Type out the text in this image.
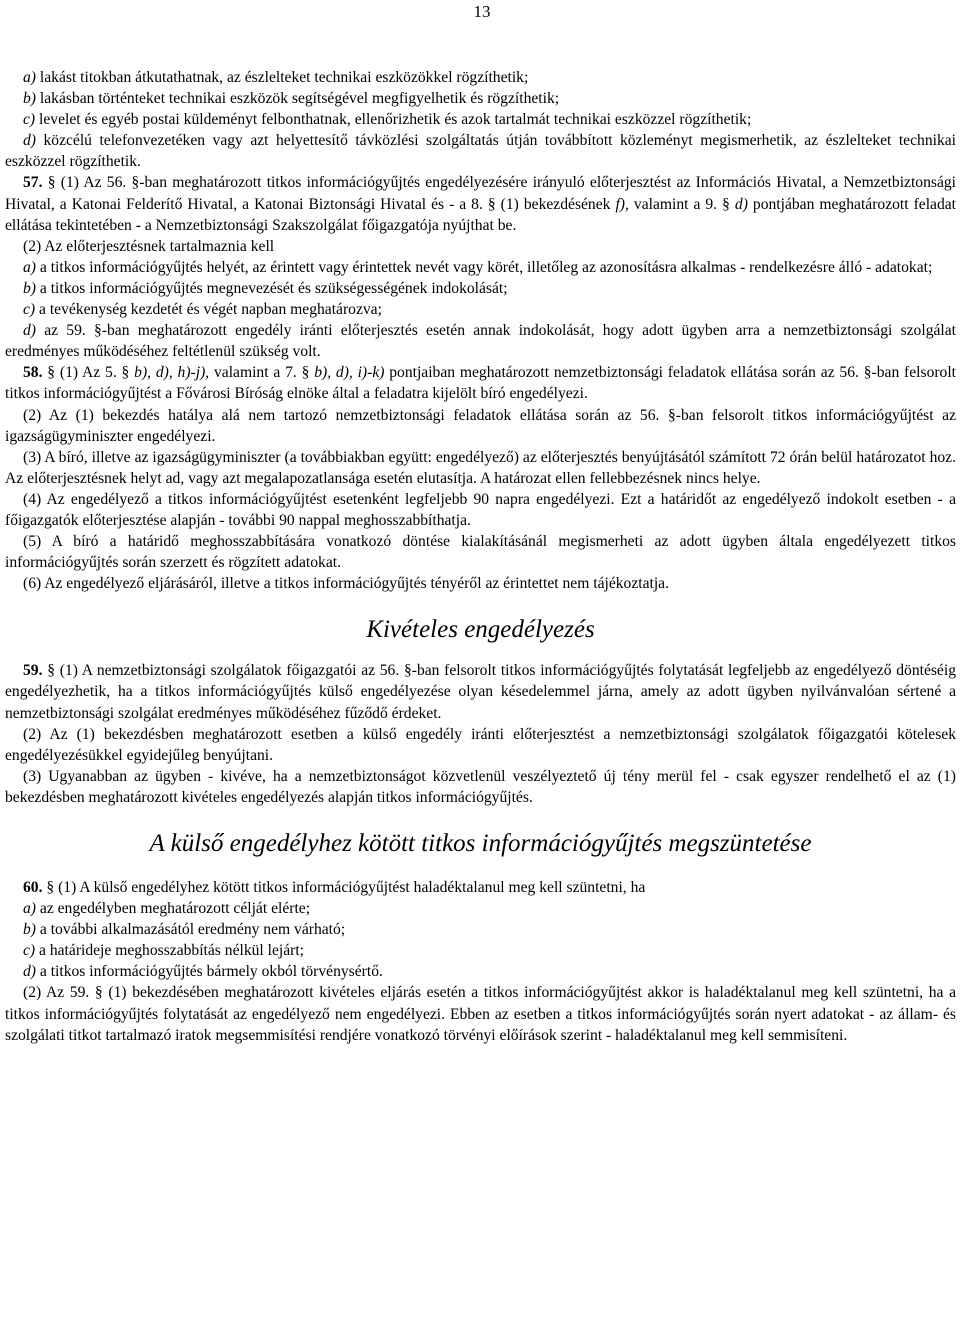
13

a) lakást titokban átkutathatnak, az észlelteket technikai eszközökkel rögzíthetik;

b) lakásban történteket technikai eszközök segítségével megfigyelhetik és rögzíthetik;

c) levelet és egyéb postai küldeményt felbonthatnak, ellenőrizhetik és azok tartalmát technikai eszközzel rögzíthetik;

d) közcélú telefonvezetéken vagy azt helyettesítő távközlési szolgáltatás útján továbbított közleményt megismerhetik, az észlelteket technikai eszközzel rögzíthetik.

57. § (1) Az 56. §-ban meghatározott titkos információgyűjtés engedélyezésére irányuló előterjesztést az Információs Hivatal, a Nemzetbiztonsági Hivatal, a Katonai Felderítő Hivatal, a Katonai Biztonsági Hivatal és - a 8. § (1) bekezdésének f), valamint a 9. § d) pontjában meghatározott feladat ellátása tekintetében - a Nemzetbiztonsági Szakszolgálat főigazgatója nyújthat be.

(2) Az előterjesztésnek tartalmaznia kell

a) a titkos információgyűjtés helyét, az érintett vagy érintettek nevét vagy körét, illetőleg az azonosításra alkalmas - rendelkezésre álló - adatokat;

b) a titkos információgyűjtés megnevezését és szükségességének indokolását;

c) a tevékenység kezdetét és végét napban meghatározva;

d) az 59. §-ban meghatározott engedély iránti előterjesztés esetén annak indokolását, hogy adott ügyben arra a nemzetbiztonsági szolgálat eredményes működéséhez feltétlenül szükség volt.

58. § (1) Az 5. § b), d), h)-j), valamint a 7. § b), d), i)-k) pontjaiban meghatározott nemzetbiztonsági feladatok ellátása során az 56. §-ban felsorolt titkos információgyűjtést a Fővárosi Bíróság elnöke által a feladatra kijelölt bíró engedélyezi.

(2) Az (1) bekezdés hatálya alá nem tartozó nemzetbiztonsági feladatok ellátása során az 56. §-ban felsorolt titkos információgyűjtést az igazságügyminiszter engedélyezi.

(3) A bíró, illetve az igazságügyminiszter (a továbbiakban együtt: engedélyező) az előterjesztés benyújtásától számított 72 órán belül határozatot hoz. Az előterjesztésnek helyt ad, vagy azt megalapozatlansága esetén elutasítja. A határozat ellen fellebbezésnek nincs helye.

(4) Az engedélyező a titkos információgyűjtést esetenként legfeljebb 90 napra engedélyezi. Ezt a határidőt az engedélyező indokolt esetben - a főigazgatók előterjesztése alapján - további 90 nappal meghosszabbíthatja.

(5) A bíró a határidő meghosszabbítására vonatkozó döntése kialakításánál megismerheti az adott ügyben általa engedélyezett titkos információgyűjtés során szerzett és rögzített adatokat.

(6) Az engedélyező eljárásáról, illetve a titkos információgyűjtés tényéről az érintettet nem tájékoztatja.

Kivételes engedélyezés

59. § (1) A nemzetbiztonsági szolgálatok főigazgatói az 56. §-ban felsorolt titkos információgyűjtés folytatását legfeljebb az engedélyező döntéséig engedélyezhetik, ha a titkos információgyűjtés külső engedélyezése olyan késedelemmel járna, amely az adott ügyben nyilvánvalóan sértené a nemzetbiztonsági szolgálat eredményes működéséhez fűződő érdeket.

(2) Az (1) bekezdésben meghatározott esetben a külső engedély iránti előterjesztést a nemzetbiztonsági szolgálatok főigazgatói kötelesek engedélyezésükkel egyidejűleg benyújtani.

(3) Ugyanabban az ügyben - kivéve, ha a nemzetbiztonságot közvetlenül veszélyeztető új tény merül fel - csak egyszer rendelhető el az (1) bekezdésben meghatározott kivételes engedélyezés alapján titkos információgyűjtés.

A külső engedélyhez kötött titkos információgyűjtés megszüntetése

60. § (1) A külső engedélyhez kötött titkos információgyűjtést haladéktalanul meg kell szüntetni, ha

a) az engedélyben meghatározott célját elérte;

b) a további alkalmazásától eredmény nem várható;

c) a határideje meghosszabbítás nélkül lejárt;

d) a titkos információgyűjtés bármely okból törvénysértő.

(2) Az 59. § (1) bekezdésében meghatározott kivételes eljárás esetén a titkos információgyűjtést akkor is haladéktalanul meg kell szüntetni, ha a titkos információgyűjtés folytatását az engedélyező nem engedélyezi. Ebben az esetben a titkos információgyűjtés során nyert adatokat - az állam- és szolgálati titkot tartalmazó iratok megsemmisítési rendjére vonatkozó törvényi előírások szerint - haladéktalanul meg kell semmisíteni.
